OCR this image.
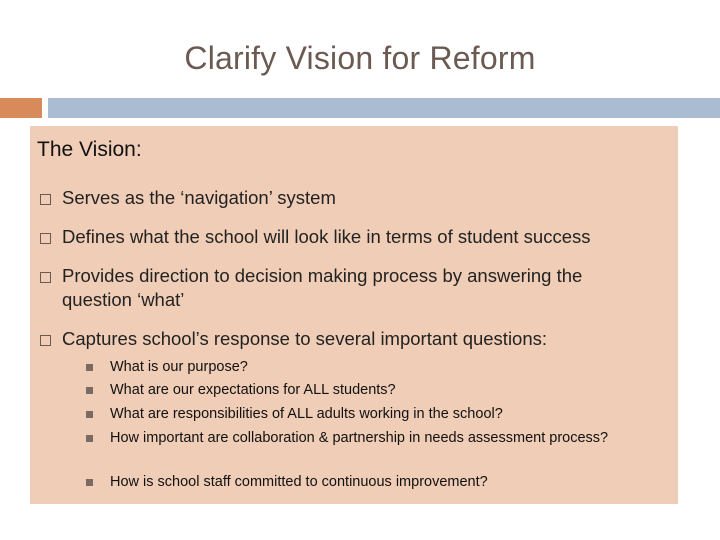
Clarify Vision for Reform
The Vision:
Serves as the ‘navigation’ system
Defines what the school will look like in terms of student success
Provides direction to decision making process by answering the question ‘what’
Captures school’s response to several important questions:
What is our purpose?
What are our expectations for ALL students?
What are responsibilities of ALL adults working in the school?
How important are collaboration & partnership in needs assessment process?
How is school staff committed to continuous improvement?
